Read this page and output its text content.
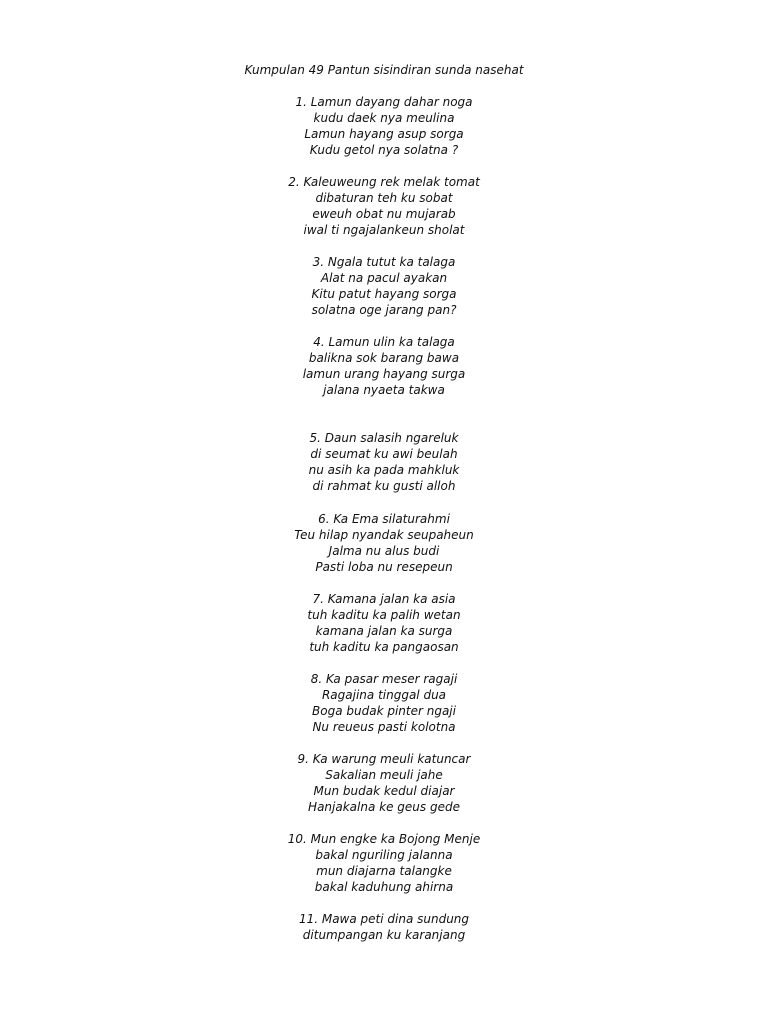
Kumpulan 49 Pantun sisindiran sunda nasehat
1. Lamun dayang dahar noga
kudu daek nya meulina
Lamun hayang asup sorga
Kudu getol nya solatna ?
2. Kaleuweung rek melak tomat
dibaturan teh ku sobat
eweuh obat nu mujarab
iwal ti ngajalankeun sholat
3. Ngala tutut ka talaga
Alat na pacul ayakan
Kitu patut hayang sorga
solatna oge jarang pan?
4. Lamun ulin ka talaga
balikna sok barang bawa
lamun urang hayang surga
jalana nyaeta takwa
5. Daun salasih ngareluk
di seumat ku awi beulah
nu asih ka pada mahkluk
di rahmat ku gusti alloh
6. Ka Ema silaturahmi
Teu hilap nyandak seupaheun
Jalma nu alus budi
Pasti loba nu resepeun
7. Kamana jalan ka asia
tuh kaditu ka palih wetan
kamana jalan ka surga
tuh kaditu ka pangaosan
8. Ka pasar meser ragaji
Ragajina tinggal dua
Boga budak pinter ngaji
Nu reueus pasti kolotna
9. Ka warung meuli katuncar
Sakalian meuli jahe
Mun budak kedul diajar
Hanjakalna ke geus gede
10. Mun engke ka Bojong Menje
bakal nguriling jalanna
mun diajarna talangke
bakal kaduhung ahirna
11. Mawa peti dina sundung
ditumpangan ku karanjang
